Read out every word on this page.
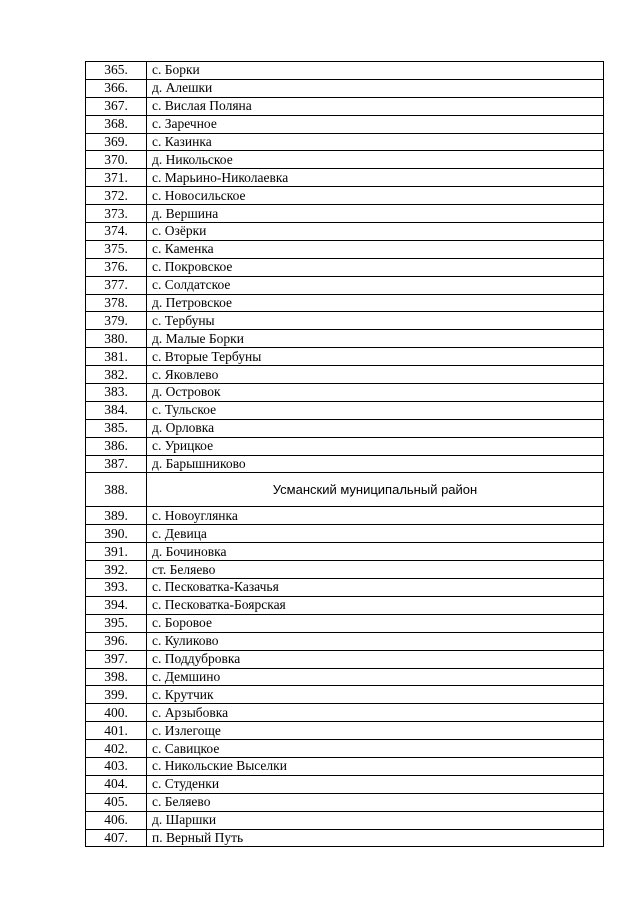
365.	с. Борки
366.	д. Алешки
367.	с. Вислая Поляна
368.	с. Заречное
369.	с. Казинка
370.	д. Никольское
371.	с. Марьино-Николаевка
372.	с. Новосильское
373.	д. Вершина
374.	с. Озёрки
375.	с. Каменка
376.	с. Покровское
377.	с. Солдатское
378.	д. Петровское
379.	с. Тербуны
380.	д. Малые Борки
381.	с. Вторые Тербуны
382.	с. Яковлево
383.	д. Островок
384.	с. Тульское
385.	д. Орловка
386.	с. Урицкое
387.	д. Барышниково
388.	Усманский муниципальный район
389.	с. Новоуглянка
390.	с. Девица
391.	д. Бочиновка
392.	ст. Беляево
393.	с. Песковатка-Казачья
394.	с. Песковатка-Боярская
395.	с. Боровое
396.	с. Куликово
397.	с. Поддубровка
398.	с. Демшино
399.	с. Крутчик
400.	с. Арзыбовка
401.	с. Излегоще
402.	с. Савицкое
403.	с. Никольские Выселки
404.	с. Студенки
405.	с. Беляево
406.	д. Шаршки
407.	п. Верный Путь
